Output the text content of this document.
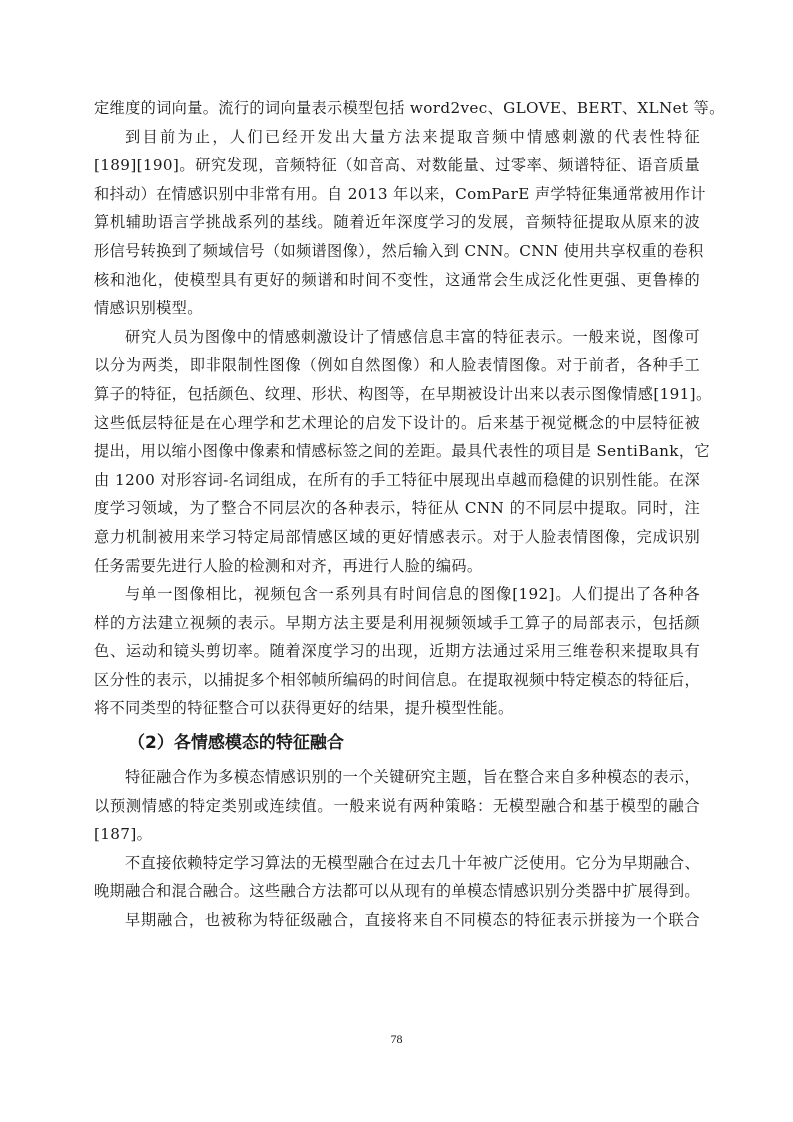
定维度的词向量。流行的词向量表示模型包括 word2vec、GLOVE、BERT、XLNet 等。
到目前为止，人们已经开发出大量方法来提取音频中情感刺激的代表性特征
[189][190]。研究发现，音频特征（如音高、对数能量、过零率、频谱特征、语音质量
和抖动）在情感识别中非常有用。自 2013 年以来，ComParE 声学特征集通常被用作计
算机辅助语言学挑战系列的基线。随着近年深度学习的发展，音频特征提取从原来的波
形信号转换到了频域信号（如频谱图像），然后输入到 CNN。CNN 使用共享权重的卷积
核和池化，使模型具有更好的频谱和时间不变性，这通常会生成泛化性更强、更鲁棒的
情感识别模型。
研究人员为图像中的情感刺激设计了情感信息丰富的特征表示。一般来说，图像可
以分为两类，即非限制性图像（例如自然图像）和人脸表情图像。对于前者，各种手工
算子的特征，包括颜色、纹理、形状、构图等，在早期被设计出来以表示图像情感[191]。
这些低层特征是在心理学和艺术理论的启发下设计的。后来基于视觉概念的中层特征被
提出，用以缩小图像中像素和情感标签之间的差距。最具代表性的项目是 SentiBank，它
由 1200 对形容词-名词组成，在所有的手工特征中展现出卓越而稳健的识别性能。在深
度学习领域，为了整合不同层次的各种表示，特征从 CNN 的不同层中提取。同时，注
意力机制被用来学习特定局部情感区域的更好情感表示。对于人脸表情图像，完成识别
任务需要先进行人脸的检测和对齐，再进行人脸的编码。
与单一图像相比，视频包含一系列具有时间信息的图像[192]。人们提出了各种各
样的方法建立视频的表示。早期方法主要是利用视频领域手工算子的局部表示，包括颜
色、运动和镜头剪切率。随着深度学习的出现，近期方法通过采用三维卷积来提取具有
区分性的表示，以捕捉多个相邻帧所编码的时间信息。在提取视频中特定模态的特征后，
将不同类型的特征整合可以获得更好的结果，提升模型性能。
（2）各情感模态的特征融合
特征融合作为多模态情感识别的一个关键研究主题，旨在整合来自多种模态的表示，
以预测情感的特定类别或连续值。一般来说有两种策略：无模型融合和基于模型的融合
[187]。
不直接依赖特定学习算法的无模型融合在过去几十年被广泛使用。它分为早期融合、
晚期融合和混合融合。这些融合方法都可以从现有的单模态情感识别分类器中扩展得到。
早期融合，也被称为特征级融合，直接将来自不同模态的特征表示拼接为一个联合
78
